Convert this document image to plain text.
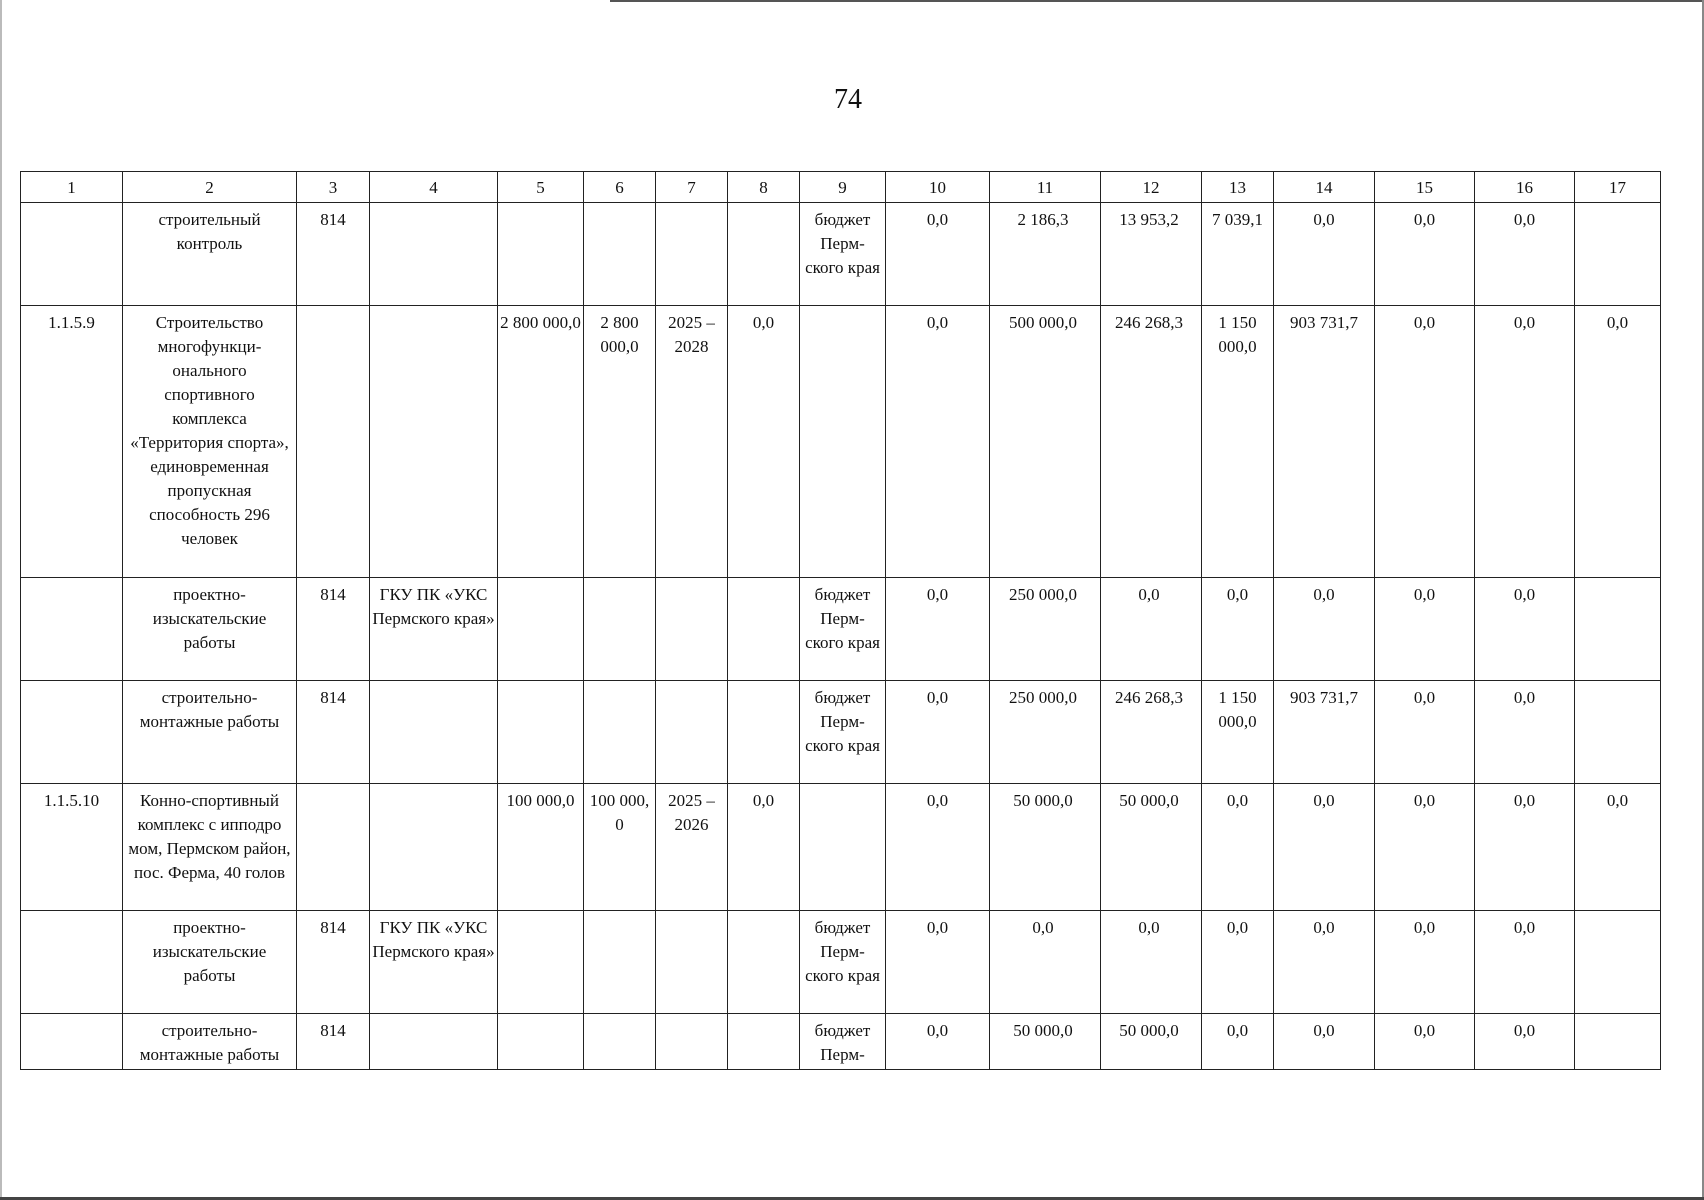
74
1	2	3	4	5	6	7	8	9	10	11	12	13	14	15	16	17

	строительный контроль	814						бюджет Перм-ского края	0,0	2 186,3	13 953,2	7 039,1	0,0	0,0	0,0	

1.1.5.9	Строительство многофункци-онального спортивного комплекса «Территория спорта», единовременная пропускная способность 296 человек			2 800 000,0	2 800 000,0	2025 – 2028	0,0		0,0	500 000,0	246 268,3	1 150 000,0	903 731,7	0,0	0,0	0,0

	проектно-изыскательские работы	814	ГКУ ПК «УКС Пермского края»					бюджет Перм-ского края	0,0	250 000,0	0,0	0,0	0,0	0,0	0,0	

	строительно-монтажные работы	814						бюджет Перм-ского края	0,0	250 000,0	246 268,3	1 150 000,0	903 731,7	0,0	0,0	

1.1.5.10	Конно-спортивный комплекс с ипподро мом, Пермском район, пос. Ферма, 40 голов			100 000,0	100 000, 0	2025 – 2026	0,0		0,0	50 000,0	50 000,0	0,0	0,0	0,0	0,0	0,0

	проектно-изыскательские работы	814	ГКУ ПК «УКС Пермского края»					бюджет Перм-ского края	0,0	0,0	0,0	0,0	0,0	0,0	0,0	

	строительно-монтажные работы	814						бюджет Перм-	0,0	50 000,0	50 000,0	0,0	0,0	0,0	0,0	
